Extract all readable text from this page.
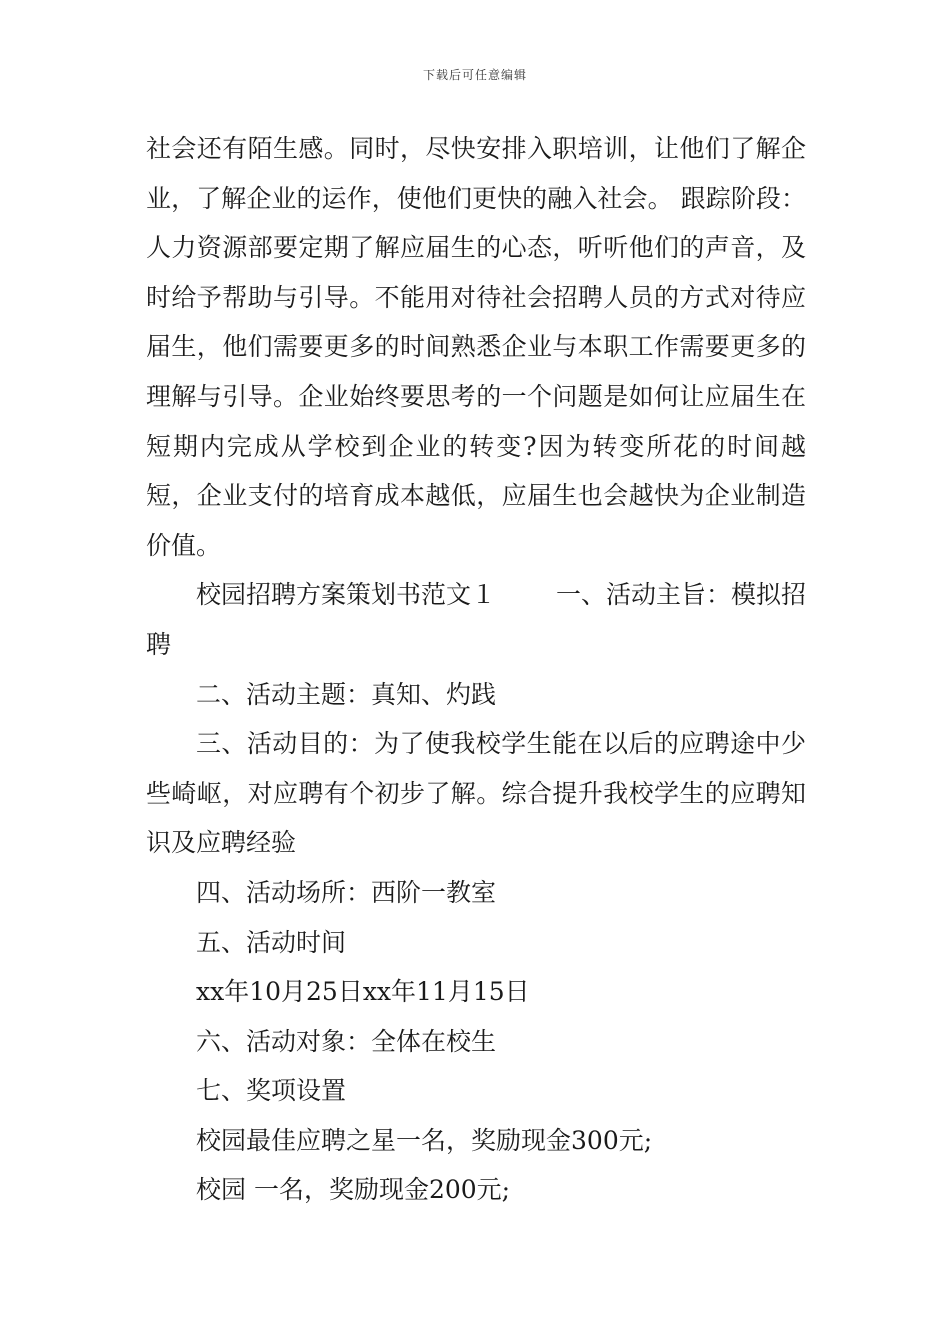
下载后可任意编辑

社会还有陌生感。同时，尽快安排入职培训，让他们了解企业，了解企业的运作，使他们更快的融入社会。 跟踪阶段：人力资源部要定期了解应届生的心态，听听他们的声音，及时给予帮助与引导。不能用对待社会招聘人员的方式对待应届生，他们需要更多的时间熟悉企业与本职工作需要更多的理解与引导。企业始终要思考的一个问题是如何让应届生在短期内完成从学校到企业的转变?因为转变所花的时间越短，企业支付的培育成本越低，应届生也会越快为企业制造价值。

校园招聘方案策划书范文１	一、活动主旨：模拟招

聘

二、活动主题：真知、灼践

三、活动目的：为了使我校学生能在以后的应聘途中少些崎岖，对应聘有个初步了解。综合提升我校学生的应聘知识及应聘经验

四、活动场所：西阶一教室

五、活动时间

xx年10月25日xx年11月15日

六、活动对象：全体在校生

七、奖项设置

校园最佳应聘之星一名，奖励现金300元;

校园 一名，奖励现金200元;
